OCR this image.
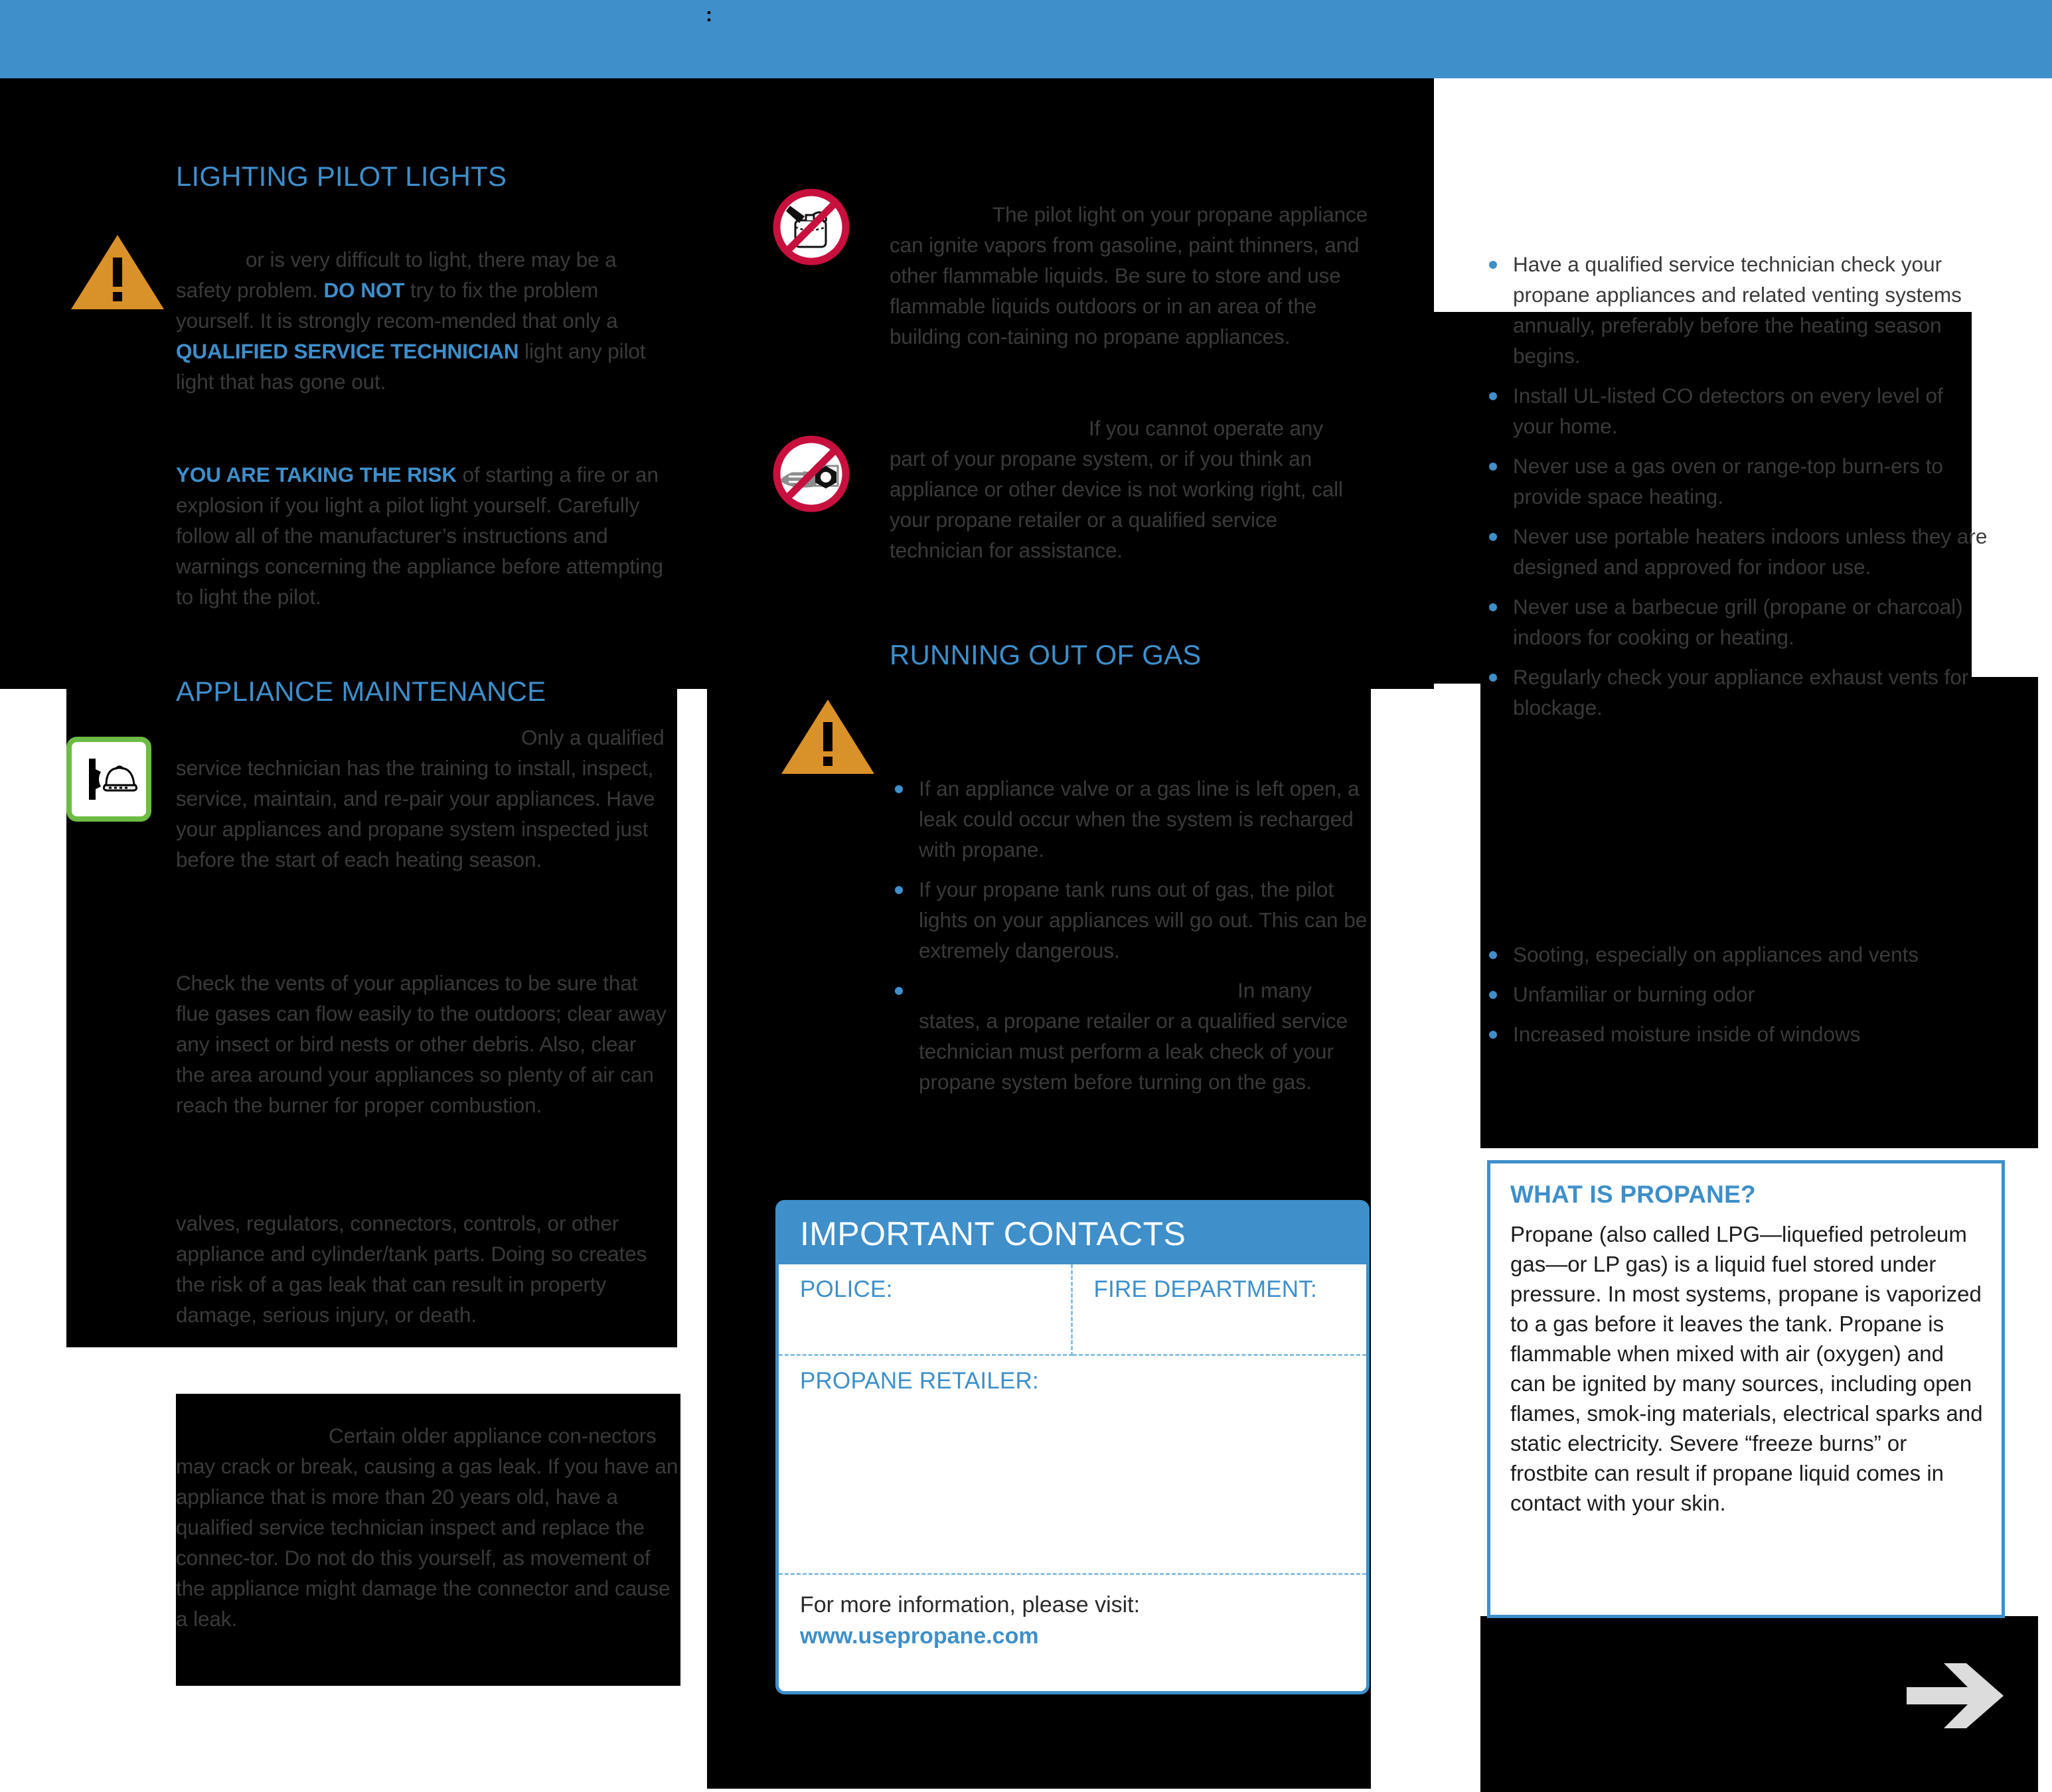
:
LIGHTING PILOT LIGHTS
or is very difficult to light, there may be a safety problem. DO NOT try to fix the problem yourself. It is strongly recom-mended that only a QUALIFIED SERVICE TECHNICIAN light any pilot light that has gone out.
YOU ARE TAKING THE RISK of starting a fire or an explosion if you light a pilot light yourself. Carefully follow all of the manufacturer’s instructions and warnings concerning the appliance before attempting to light the pilot.
APPLIANCE MAINTENANCE
Only a qualified service technician has the training to install, inspect, service, maintain, and re-pair your appliances. Have your appliances and propane system inspected just before the start of each heating season.
Check the vents of your appliances to be sure that flue gases can flow easily to the outdoors; clear away any insect or bird nests or other debris. Also, clear the area around your appliances so plenty of air can reach the burner for proper combustion.
valves, regulators, connectors, controls, or other appliance and cylinder/tank parts. Doing so creates the risk of a gas leak that can result in property damage, serious injury, or death.
Certain older appliance con-nectors may crack or break, causing a gas leak. If you have an appliance that is more than 20 years old, have a qualified service technician inspect and replace the connec-tor. Do not do this yourself, as movement of the appliance might damage the connector and cause a leak.
The pilot light on your propane appliance can ignite vapors from gasoline, paint thinners, and other flammable liquids. Be sure to store and use flammable liquids outdoors or in an area of the building con-taining no propane appliances.
If you cannot operate any part of your propane system, or if you think an appliance or other device is not working right, call your propane retailer or a qualified service technician for assistance.
RUNNING OUT OF GAS
If an appliance valve or a gas line is left open, a leak could occur when the system is recharged with propane.
If your propane tank runs out of gas, the pilot lights on your appliances will go out. This can be extremely dangerous.
In many states, a propane retailer or a qualified service technician must perform a leak check of your propane system before turning on the gas.
IMPORTANT CONTACTS
POLICE:	FIRE DEPARTMENT:
PROPANE RETAILER:
For more information, please visit:
www.usepropane.com
Have a qualified service technician check your propane appliances and related venting systems annually, preferably before the heating season begins.
Install UL-listed CO detectors on every level of your home.
Never use a gas oven or range-top burn-ers to provide space heating.
Never use portable heaters indoors unless they are designed and approved for indoor use.
Never use a barbecue grill (propane or charcoal) indoors for cooking or heating.
Regularly check your appliance exhaust vents for blockage.
Sooting, especially on appliances and vents
Unfamiliar or burning odor
Increased moisture inside of windows
WHAT IS PROPANE?

Propane (also called LPG—liquefied petroleum gas—or LP gas) is a liquid fuel stored under pressure. In most systems, propane is vaporized to a gas before it leaves the tank. Propane is flammable when mixed with air (oxygen) and can be ignited by many sources, including open flames, smok-ing materials, electrical sparks and static electricity. Severe “freeze burns” or frostbite can result if propane liquid comes in contact with your skin.
